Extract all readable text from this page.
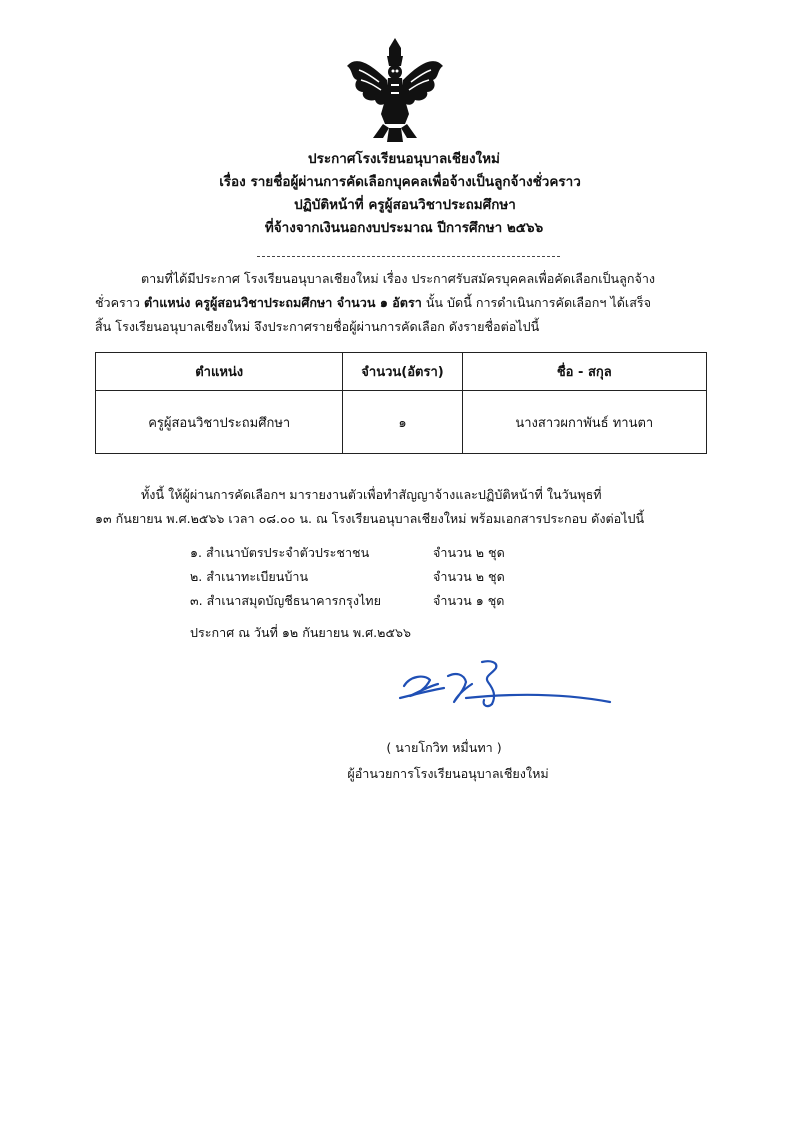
ประกาศโรงเรียนอนุบาลเชียงใหม่
เรื่อง รายชื่อผู้ผ่านการคัดเลือกบุคคลเพื่อจ้างเป็นลูกจ้างชั่วคราว
ปฏิบัติหน้าที่ ครูผู้สอนวิชาประถมศึกษา
ที่จ้างจากเงินนอกงบประมาณ ปีการศึกษา ๒๕๖๖
ตามที่ได้มีประกาศ โรงเรียนอนุบาลเชียงใหม่ เรื่อง ประกาศรับสมัครบุคคลเพื่อคัดเลือกเป็นลูกจ้าง
ชั่วคราว ตำแหน่ง ครูผู้สอนวิชาประถมศึกษา จำนวน ๑ อัตรา นั้น บัดนี้ การดำเนินการคัดเลือกฯ ได้เสร็จ
สิ้น โรงเรียนอนุบาลเชียงใหม่ จึงประกาศรายชื่อผู้ผ่านการคัดเลือก ดังรายชื่อต่อไปนี้
ตำแหน่ง	จำนวน(อัตรา)	ชื่อ - สกุล
ครูผู้สอนวิชาประถมศึกษา	๑	นางสาวผกาพันธ์ ทานตา
ทั้งนี้ ให้ผู้ผ่านการคัดเลือกฯ มารายงานตัวเพื่อทำสัญญาจ้างและปฏิบัติหน้าที่ ในวันพุธที่
๑๓ กันยายน พ.ศ.๒๕๖๖ เวลา ๐๘.๐๐ น. ณ โรงเรียนอนุบาลเชียงใหม่ พร้อมเอกสารประกอบ ดังต่อไปนี้
๑. สำเนาบัตรประจำตัวประชาชน	จำนวน ๒ ชุด
๒. สำเนาทะเบียนบ้าน	จำนวน ๒ ชุด
๓. สำเนาสมุดบัญชีธนาคารกรุงไทย	จำนวน ๑ ชุด
ประกาศ ณ วันที่ ๑๒ กันยายน พ.ศ.๒๕๖๖
( นายโกวิท หมื่นทา )
ผู้อำนวยการโรงเรียนอนุบาลเชียงใหม่
